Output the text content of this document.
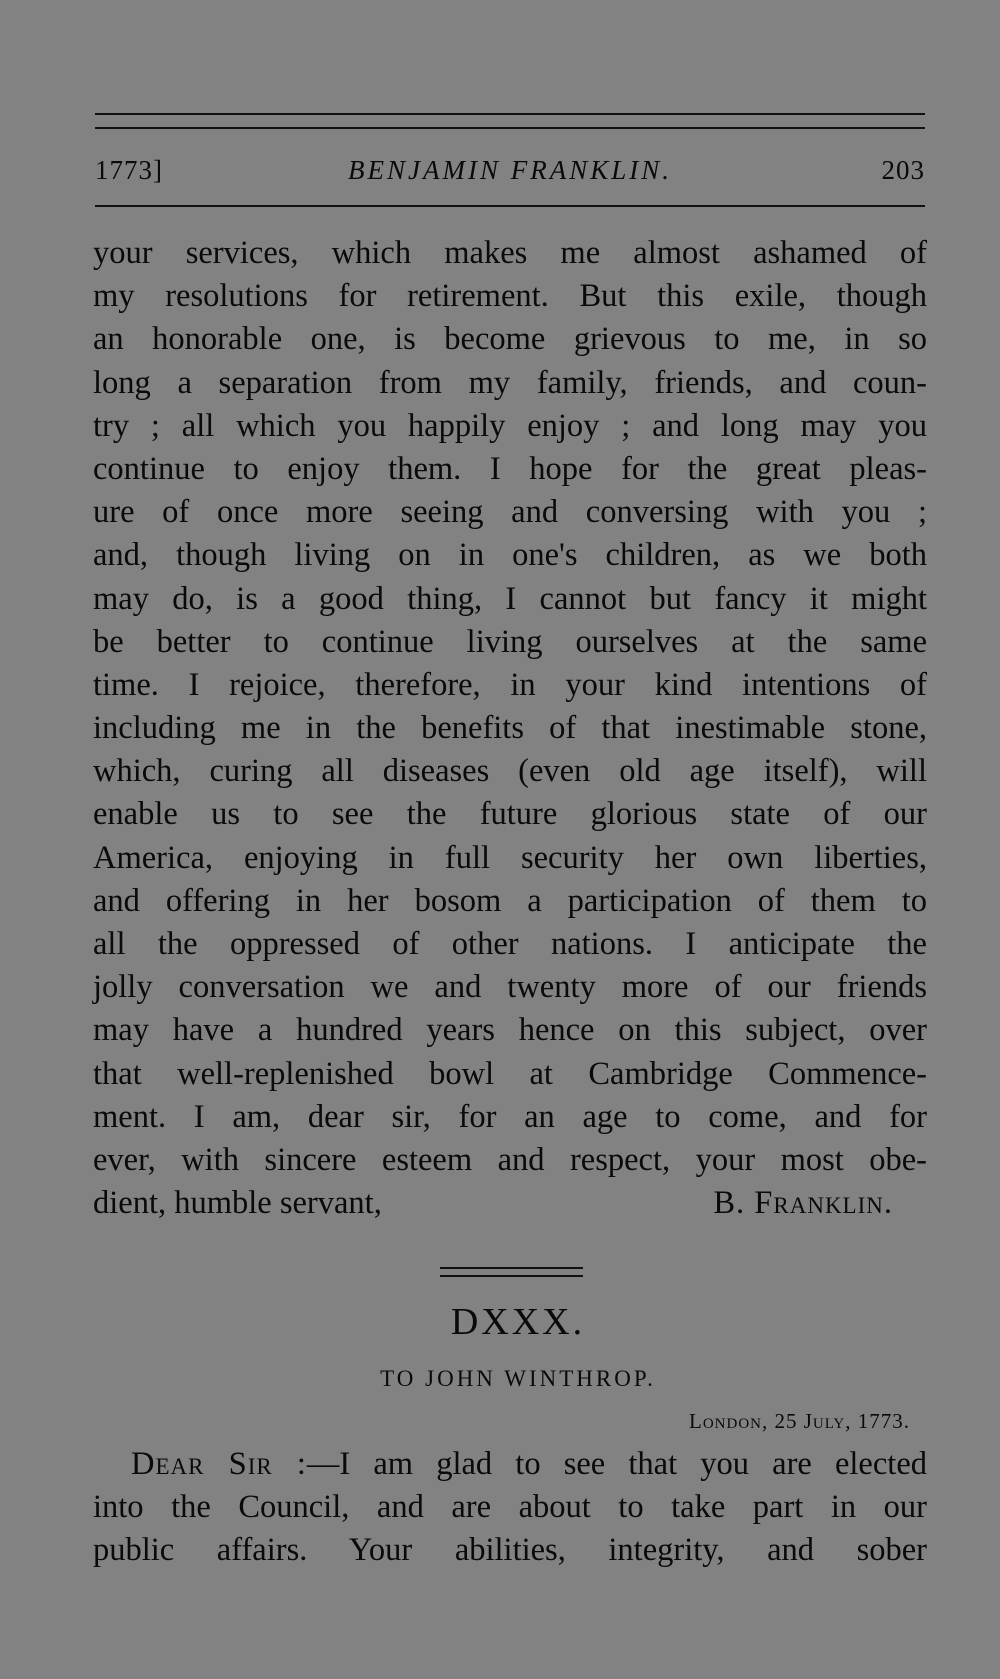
1773]	BENJAMIN FRANKLIN.	203
your services, which makes me almost ashamed of
my resolutions for retirement. But this exile, though
an honorable one, is become grievous to me, in so
long a separation from my family, friends, and coun-
try ; all which you happily enjoy ; and long may you
continue to enjoy them. I hope for the great pleas-
ure of once more seeing and conversing with you ;
and, though living on in one's children, as we both
may do, is a good thing, I cannot but fancy it might
be better to continue living ourselves at the same
time. I rejoice, therefore, in your kind intentions of
including me in the benefits of that inestimable stone,
which, curing all diseases (even old age itself), will
enable us to see the future glorious state of our
America, enjoying in full security her own liberties,
and offering in her bosom a participation of them to
all the oppressed of other nations. I anticipate the
jolly conversation we and twenty more of our friends
may have a hundred years hence on this subject, over
that well-replenished bowl at Cambridge Commence-
ment. I am, dear sir, for an age to come, and for
ever, with sincere esteem and respect, your most obe-
dient, humble servant,	B. Franklin.
DXXX.
TO JOHN WINTHROP.
London, 25 July, 1773.
Dear Sir :—I am glad to see that you are elected
into the Council, and are about to take part in our
public affairs. Your abilities, integrity, and sober
